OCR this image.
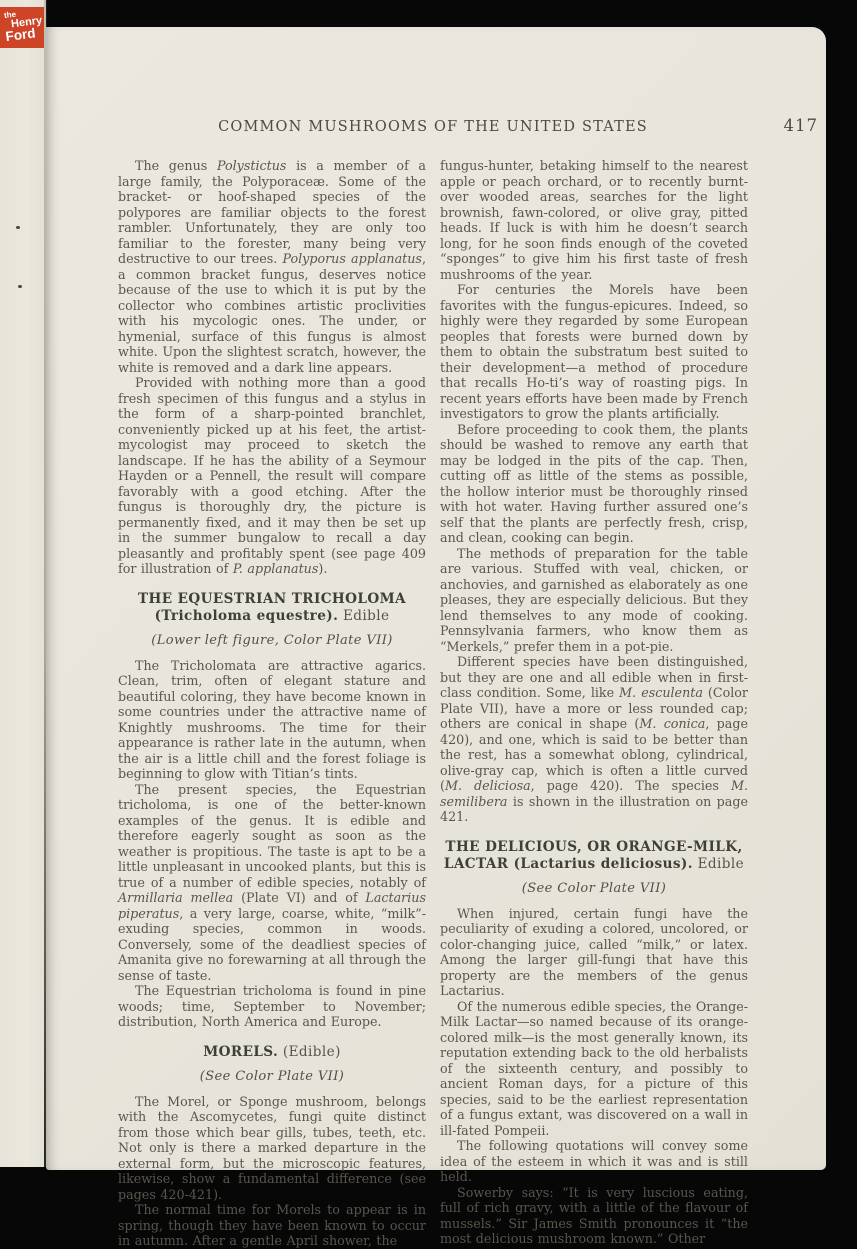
the
Henry
Ford
COMMON MUSHROOMS OF THE UNITED STATES	417

The genus Polystictus is a member of a large family, the Polyporaceæ. Some of the bracket- or hoof-shaped species of the polypores are familiar objects to the forest rambler. Unfortunately, they are only too familiar to the forester, many being very destructive to our trees. Polyporus applanatus, a common bracket fungus, deserves notice because of the use to which it is put by the collector who combines artistic proclivities with his mycologic ones. The under, or hymenial, surface of this fungus is almost white. Upon the slightest scratch, however, the white is removed and a dark line appears.

Provided with nothing more than a good fresh specimen of this fungus and a stylus in the form of a sharp-pointed branchlet, conveniently picked up at his feet, the artist-mycologist may proceed to sketch the landscape. If he has the ability of a Seymour Hayden or a Pennell, the result will compare favorably with a good etching. After the fungus is thoroughly dry, the picture is permanently fixed, and it may then be set up in the summer bungalow to recall a day pleasantly and profitably spent (see page 409 for illustration of P. applanatus).

THE EQUESTRIAN TRICHOLOMA
(Tricholoma equestre). Edible
(Lower left figure, Color Plate VII)

The Tricholomata are attractive agarics. Clean, trim, often of elegant stature and beautiful coloring, they have become known in some countries under the attractive name of Knightly mushrooms. The time for their appearance is rather late in the autumn, when the air is a little chill and the forest foliage is beginning to glow with Titian’s tints.

The present species, the Equestrian tricholoma, is one of the better-known examples of the genus. It is edible and therefore eagerly sought as soon as the weather is propitious. The taste is apt to be a little unpleasant in uncooked plants, but this is true of a number of edible species, notably of Armillaria mellea (Plate VI) and of Lactarius piperatus, a very large, coarse, white, “milk”-exuding species, common in woods. Conversely, some of the deadliest species of Amanita give no forewarning at all through the sense of taste.

The Equestrian tricholoma is found in pine woods; time, September to November; distribution, North America and Europe.

MORELS. (Edible)
(See Color Plate VII)

The Morel, or Sponge mushroom, belongs with the Ascomycetes, fungi quite distinct from those which bear gills, tubes, teeth, etc. Not only is there a marked departure in the external form, but the microscopic features, likewise, show a fundamental difference (see pages 420-421).

The normal time for Morels to appear is in spring, though they have been known to occur in autumn. After a gentle April shower, the

fungus-hunter, betaking himself to the nearest apple or peach orchard, or to recently burnt-over wooded areas, searches for the light brownish, fawn-colored, or olive gray, pitted heads. If luck is with him he doesn’t search long, for he soon finds enough of the coveted “sponges” to give him his first taste of fresh mushrooms of the year.

For centuries the Morels have been favorites with the fungus-epicures. Indeed, so highly were they regarded by some European peoples that forests were burned down by them to obtain the substratum best suited to their development—a method of procedure that recalls Ho-ti’s way of roasting pigs. In recent years efforts have been made by French investigators to grow the plants artificially.

Before proceeding to cook them, the plants should be washed to remove any earth that may be lodged in the pits of the cap. Then, cutting off as little of the stems as possible, the hollow interior must be thoroughly rinsed with hot water. Having further assured one’s self that the plants are perfectly fresh, crisp, and clean, cooking can begin.

The methods of preparation for the table are various. Stuffed with veal, chicken, or anchovies, and garnished as elaborately as one pleases, they are especially delicious. But they lend themselves to any mode of cooking. Pennsylvania farmers, who know them as “Merkels,” prefer them in a pot-pie.

Different species have been distinguished, but they are one and all edible when in first-class condition. Some, like M. esculenta (Color Plate VII), have a more or less rounded cap; others are conical in shape (M. conica, page 420), and one, which is said to be better than the rest, has a somewhat oblong, cylindrical, olive-gray cap, which is often a little curved (M. deliciosa, page 420). The species M. semilibera is shown in the illustration on page 421.

THE DELICIOUS, OR ORANGE-MILK,
LACTAR (Lactarius deliciosus). Edible
(See Color Plate VII)

When injured, certain fungi have the peculiarity of exuding a colored, uncolored, or color-changing juice, called “milk,” or latex. Among the larger gill-fungi that have this property are the members of the genus Lactarius.

Of the numerous edible species, the Orange-Milk Lactar—so named because of its orange-colored milk—is the most generally known, its reputation extending back to the old herbalists of the sixteenth century, and possibly to ancient Roman days, for a picture of this species, said to be the earliest representation of a fungus extant, was discovered on a wall in ill-fated Pompeii.

The following quotations will convey some idea of the esteem in which it was and is still held.

Sowerby says: “It is very luscious eating, full of rich gravy, with a little of the flavour of mussels.” Sir James Smith pronounces it “the most delicious mushroom known.” Other
